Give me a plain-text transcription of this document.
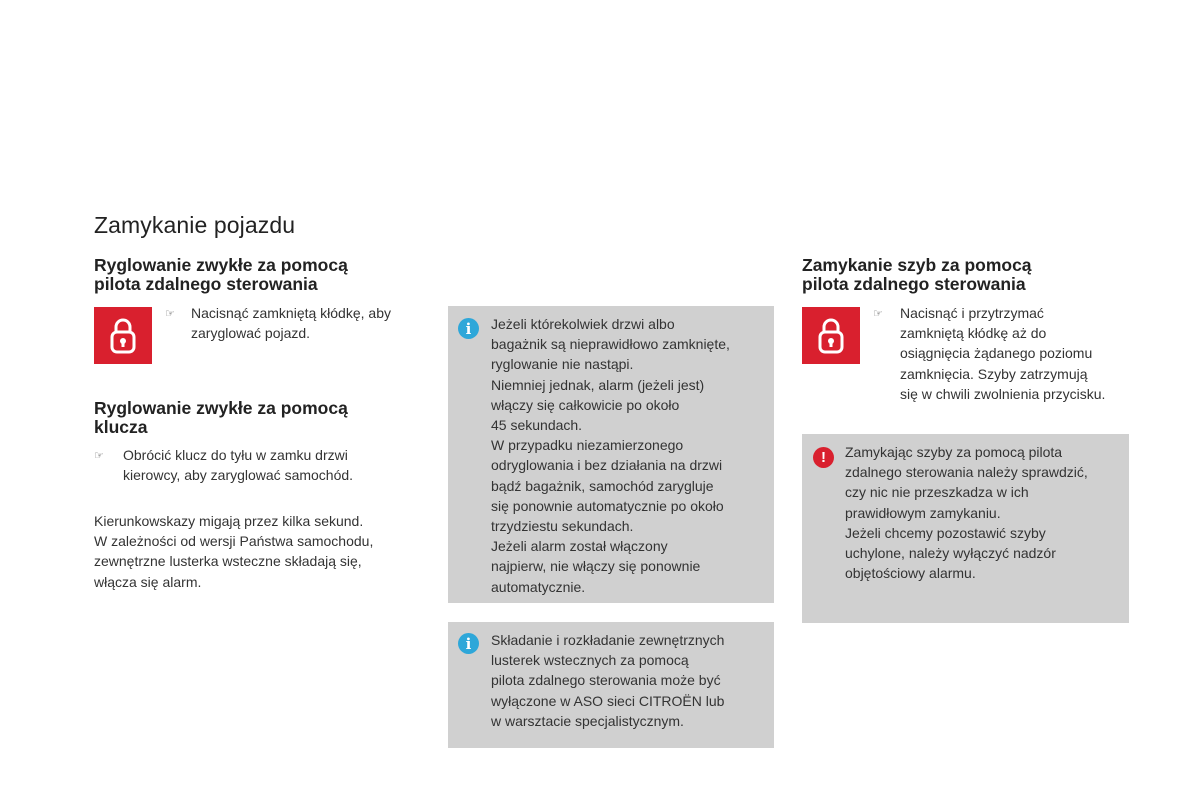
Zamykanie pojazdu
Ryglowanie zwykłe za pomocą
pilota zdalnego sterowania
☞ Nacisnąć zamkniętą kłódkę, aby
zaryglować pojazd.
Ryglowanie zwykłe za pomocą
klucza
☞ Obrócić klucz do tyłu w zamku drzwi
kierowcy, aby zaryglować samochód.
Kierunkowskazy migają przez kilka sekund.
W zależności od wersji Państwa samochodu,
zewnętrzne lusterka wsteczne składają się,
włącza się alarm.
i	Jeżeli którekolwiek drzwi albo
bagażnik są nieprawidłowo zamknięte,
ryglowanie nie nastąpi.
Niemniej jednak, alarm (jeżeli jest)
włączy się całkowicie po około
45 sekundach.
W przypadku niezamierzonego
odryglowania i bez działania na drzwi
bądź bagażnik, samochód zarygluje
się ponownie automatycznie po około
trzydziestu sekundach.
Jeżeli alarm został włączony
najpierw, nie włączy się ponownie
automatycznie.
i	Składanie i rozkładanie zewnętrznych
lusterek wstecznych za pomocą
pilota zdalnego sterowania może być
wyłączone w ASO sieci CITROËN lub
w warsztacie specjalistycznym.
Zamykanie szyb za pomocą
pilota zdalnego sterowania
☞ Nacisnąć i przytrzymać
zamkniętą kłódkę aż do
osiągnięcia żądanego poziomu
zamknięcia. Szyby zatrzymują
się w chwili zwolnienia przycisku.
!	Zamykając szyby za pomocą pilota
zdalnego sterowania należy sprawdzić,
czy nic nie przeszkadza w ich
prawidłowym zamykaniu.
Jeżeli chcemy pozostawić szyby
uchylone, należy wyłączyć nadzór
objętościowy alarmu.
